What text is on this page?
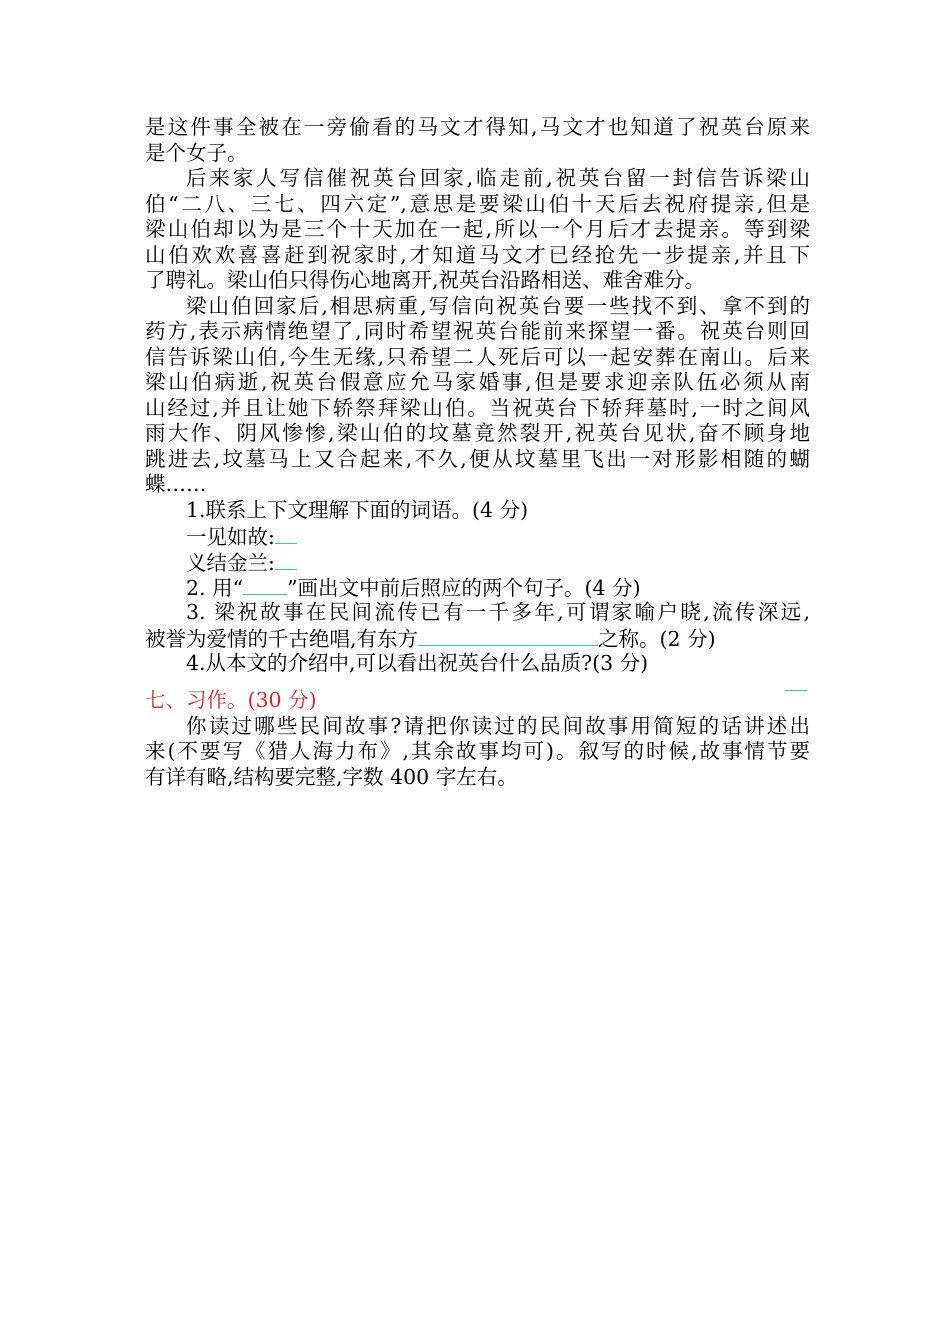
是这件事全被在一旁偷看的马文才得知,马文才也知道了祝英台原来
是个女子。
后来家人写信催祝英台回家,临走前,祝英台留一封信告诉梁山
伯“二八、三七、四六定”,意思是要梁山伯十天后去祝府提亲,但是
梁山伯却以为是三个十天加在一起,所以一个月后才去提亲。等到梁
山伯欢欢喜喜赶到祝家时,才知道马文才已经抢先一步提亲,并且下
了聘礼。梁山伯只得伤心地离开,祝英台沿路相送、难舍难分。
梁山伯回家后,相思病重,写信向祝英台要一些找不到、拿不到的
药方,表示病情绝望了,同时希望祝英台能前来探望一番。祝英台则回
信告诉梁山伯,今生无缘,只希望二人死后可以一起安葬在南山。后来
梁山伯病逝,祝英台假意应允马家婚事,但是要求迎亲队伍必须从南
山经过,并且让她下轿祭拜梁山伯。当祝英台下轿拜墓时,一时之间风
雨大作、阴风惨惨,梁山伯的坟墓竟然裂开,祝英台见状,奋不顾身地
跳进去,坟墓马上又合起来,不久,便从坟墓里飞出一对形影相随的蝴
蝶……
1.联系上下文理解下面的词语。(4 分)
一见如故:
义结金兰:
2. 用“ ”画出文中前后照应的两个句子。(4 分)
3. 梁祝故事在民间流传已有一千多年,可谓家喻户晓,流传深远,
被誉为爱情的千古绝唱,有东方	之称。(2 分)
4.从本文的介绍中,可以看出祝英台什么品质?(3 分)
七、习作。(30 分)
你读过哪些民间故事?请把你读过的民间故事用简短的话讲述出
来(不要写《猎人海力布》,其余故事均可)。叙写的时候,故事情节要
有详有略,结构要完整,字数 400 字左右。
